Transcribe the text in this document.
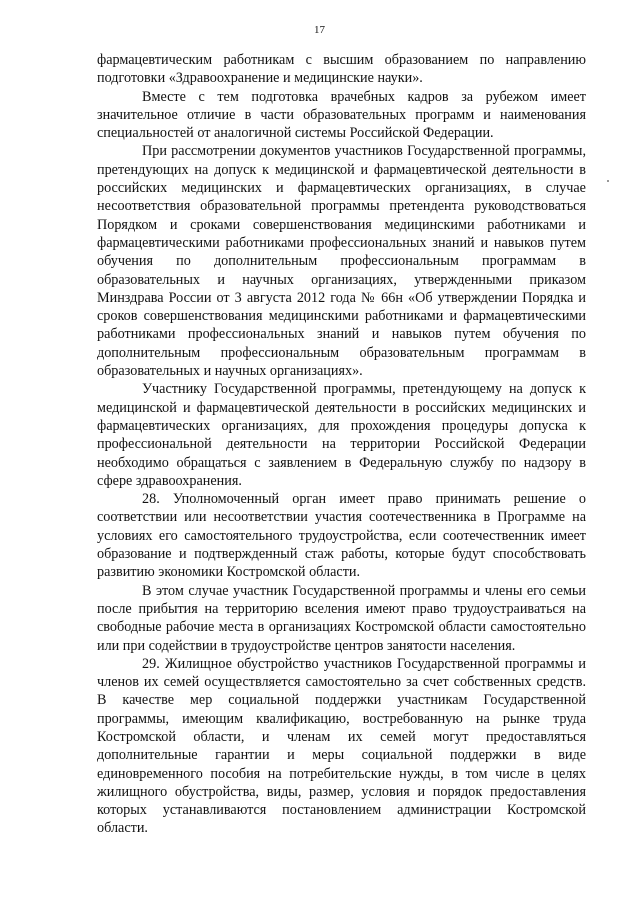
17

фармацевтическим работникам с высшим образованием по направлению подготовки «Здравоохранение и медицинские науки».

Вместе с тем подготовка врачебных кадров за рубежом имеет значительное отличие в части образовательных программ и наименования специальностей от аналогичной системы Российской Федерации.

При рассмотрении документов участников Государственной программы, претендующих на допуск к медицинской и фармацевтической деятельности в российских медицинских и фармацевтических организациях, в случае несоответствия образовательной программы претендента руководствоваться Порядком и сроками совершенствования медицинскими работниками и фармацевтическими работниками профессиональных знаний и навыков путем обучения по дополнительным профессиональным программам в образовательных и научных организациях, утвержденными приказом Минздрава России от 3 августа 2012 года № 66н «Об утверждении Порядка и сроков совершенствования медицинскими работниками и фармацевтическими работниками профессиональных знаний и навыков путем обучения по дополнительным профессиональным образовательным программам в образовательных и научных организациях».

Участнику Государственной программы, претендующему на допуск к медицинской и фармацевтической деятельности в российских медицинских и фармацевтических организациях, для прохождения процедуры допуска к профессиональной деятельности на территории Российской Федерации необходимо обращаться с заявлением в Федеральную службу по надзору в сфере здравоохранения.

28. Уполномоченный орган имеет право принимать решение о соответствии или несоответствии участия соотечественника в Программе на условиях его самостоятельного трудоустройства, если соотечественник имеет образование и подтвержденный стаж работы, которые будут способствовать развитию экономики Костромской области.

В этом случае участник Государственной программы и члены его семьи после прибытия на территорию вселения имеют право трудоустраиваться на свободные рабочие места в организациях Костромской области самостоятельно или при содействии в трудоустройстве центров занятости населения.

29. Жилищное обустройство участников Государственной программы и членов их семей осуществляется самостоятельно за счет собственных средств. В качестве мер социальной поддержки участникам Государственной программы, имеющим квалификацию, востребованную на рынке труда Костромской области, и членам их семей могут предоставляться дополнительные гарантии и меры социальной поддержки в виде единовременного пособия на потребительские нужды, в том числе в целях жилищного обустройства, виды, размер, условия и порядок предоставления которых устанавливаются постановлением администрации Костромской области.
